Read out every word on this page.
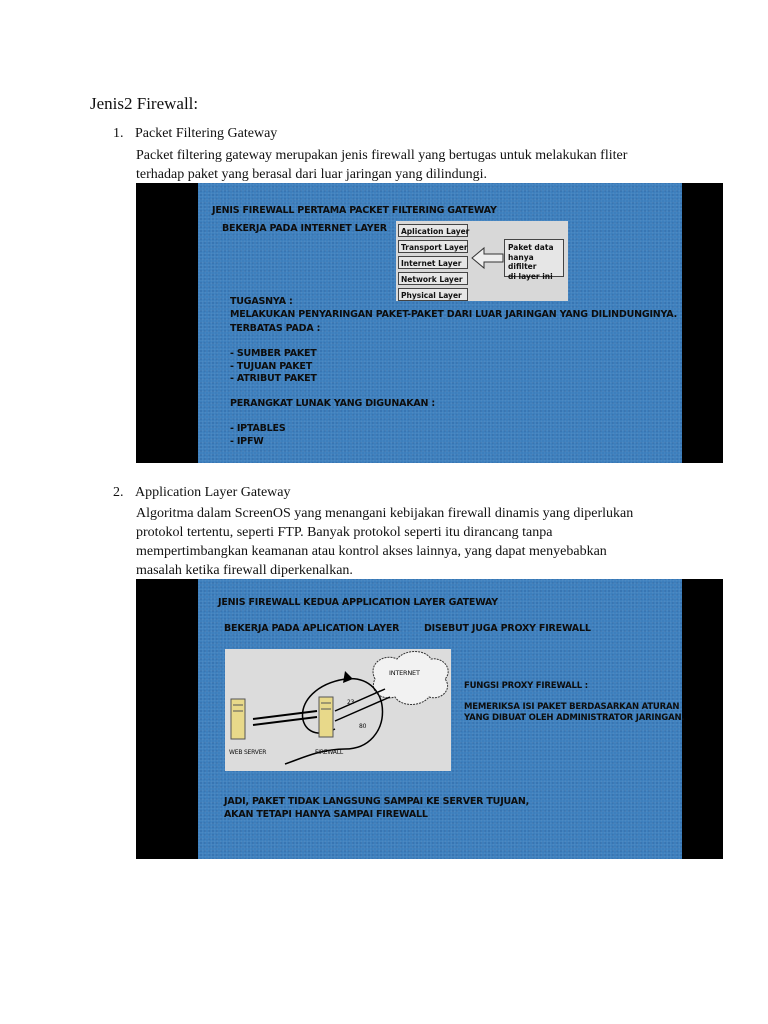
Jenis2 Firewall:
1. Packet Filtering Gateway

Packet filtering gateway merupakan jenis firewall yang bertugas untuk melakukan fliter

terhadap paket yang berasal dari luar jaringan yang dilindungi.

JENIS FIREWALL PERTAMA PACKET FILTERING GATEWAY
BEKERJA PADA INTERNET LAYER	Aplication Layer
Transport Layer
Internet Layer
Network Layer
Physical Layer
Paket data
hanya difilter
di layer ini
TUGASNYA :
MELAKUKAN PENYARINGAN PAKET-PAKET DARI LUAR JARINGAN YANG DILINDUNGINYA.
TERBATAS PADA :

- SUMBER PAKET
- TUJUAN PAKET
- ATRIBUT PAKET

PERANGKAT LUNAK YANG DIGUNAKAN :

- IPTABLES
- IPFW
2. Application Layer Gateway

Algoritma dalam ScreenOS yang menangani kebijakan firewall dinamis yang diperlukan

protokol tertentu, seperti FTP. Banyak protokol seperti itu dirancang tanpa

mempertimbangkan keamanan atau kontrol akses lainnya, yang dapat menyebabkan

masalah ketika firewall diperkenalkan.

JENIS FIREWALL KEDUA APPLICATION LAYER GATEWAY
BEKERJA PADA APLICATION LAYER	DISEBUT JUGA PROXY FIREWALL
INTERNET
WEB SERVER	FIREWALL
23
80
FUNGSI PROXY FIREWALL :
MEMERIKSA ISI PAKET BERDASARKAN ATURAN
YANG DIBUAT OLEH ADMINISTRATOR JARINGAN.
JADI, PAKET TIDAK LANGSUNG SAMPAI KE SERVER TUJUAN,
AKAN TETAPI HANYA SAMPAI FIREWALL
